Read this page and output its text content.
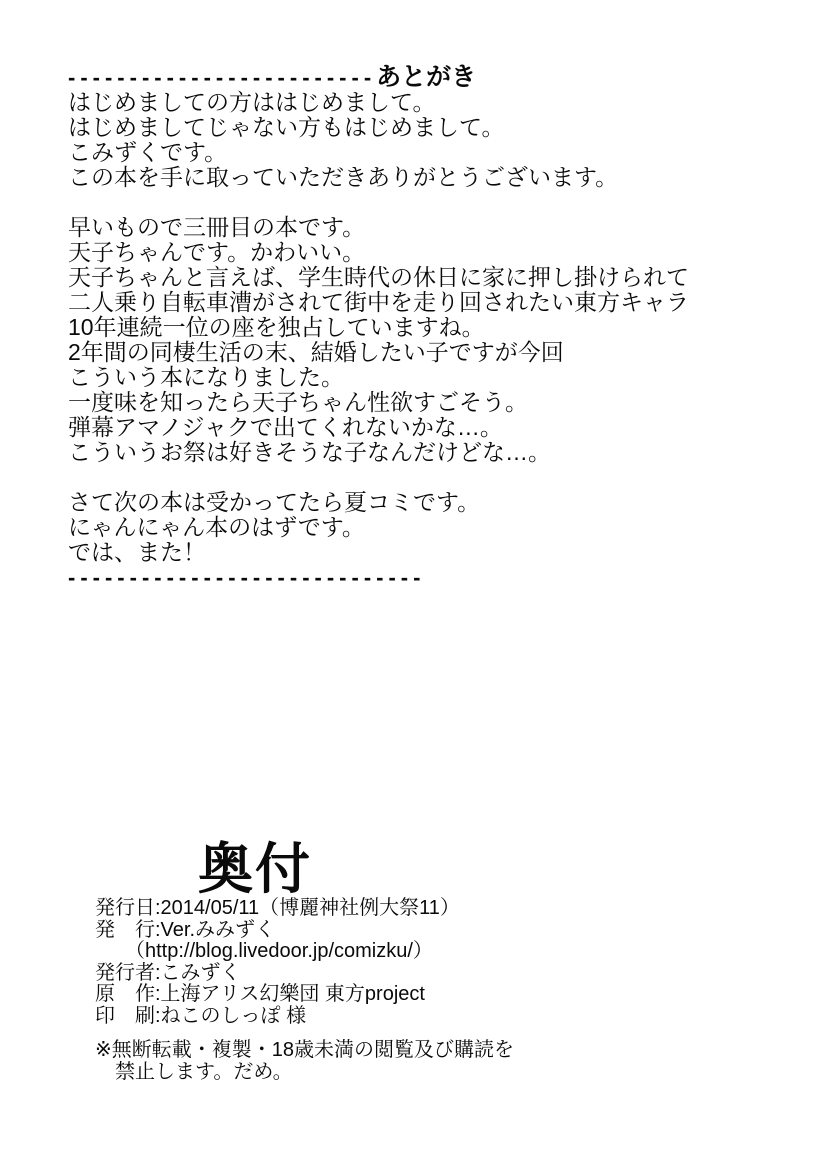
------------------------- あとがき
はじめましての方ははじめまして。
はじめましてじゃない方もはじめまして。
こみずくです。
この本を手に取っていただきありがとうございます。
早いもので三冊目の本です。
天子ちゃんです。かわいい。
天子ちゃんと言えば、学生時代の休日に家に押し掛けられて
二人乗り自転車漕がされて街中を走り回されたい東方キャラ
10年連続一位の座を独占していますね。
2年間の同棲生活の末、結婚したい子ですが今回
こういう本になりました。
一度味を知ったら天子ちゃん性欲すごそう。
弾幕アマノジャクで出てくれないかな…。
こういうお祭は好きそうな子なんだけどな…。
さて次の本は受かってたら夏コミです。
にゃんにゃん本のはずです。
では、また！
-----------------------------
奥付
発行日:2014/05/11（博麗神社例大祭11）
発　行:Ver.みみずく
　　（http://blog.livedoor.jp/comizku/）
発行者:こみずく
原　作:上海アリス幻樂団 東方project
印　刷:ねこのしっぽ 様
※無断転載・複製・18歳未満の閲覧及び購読を
　禁止します。だめ。
